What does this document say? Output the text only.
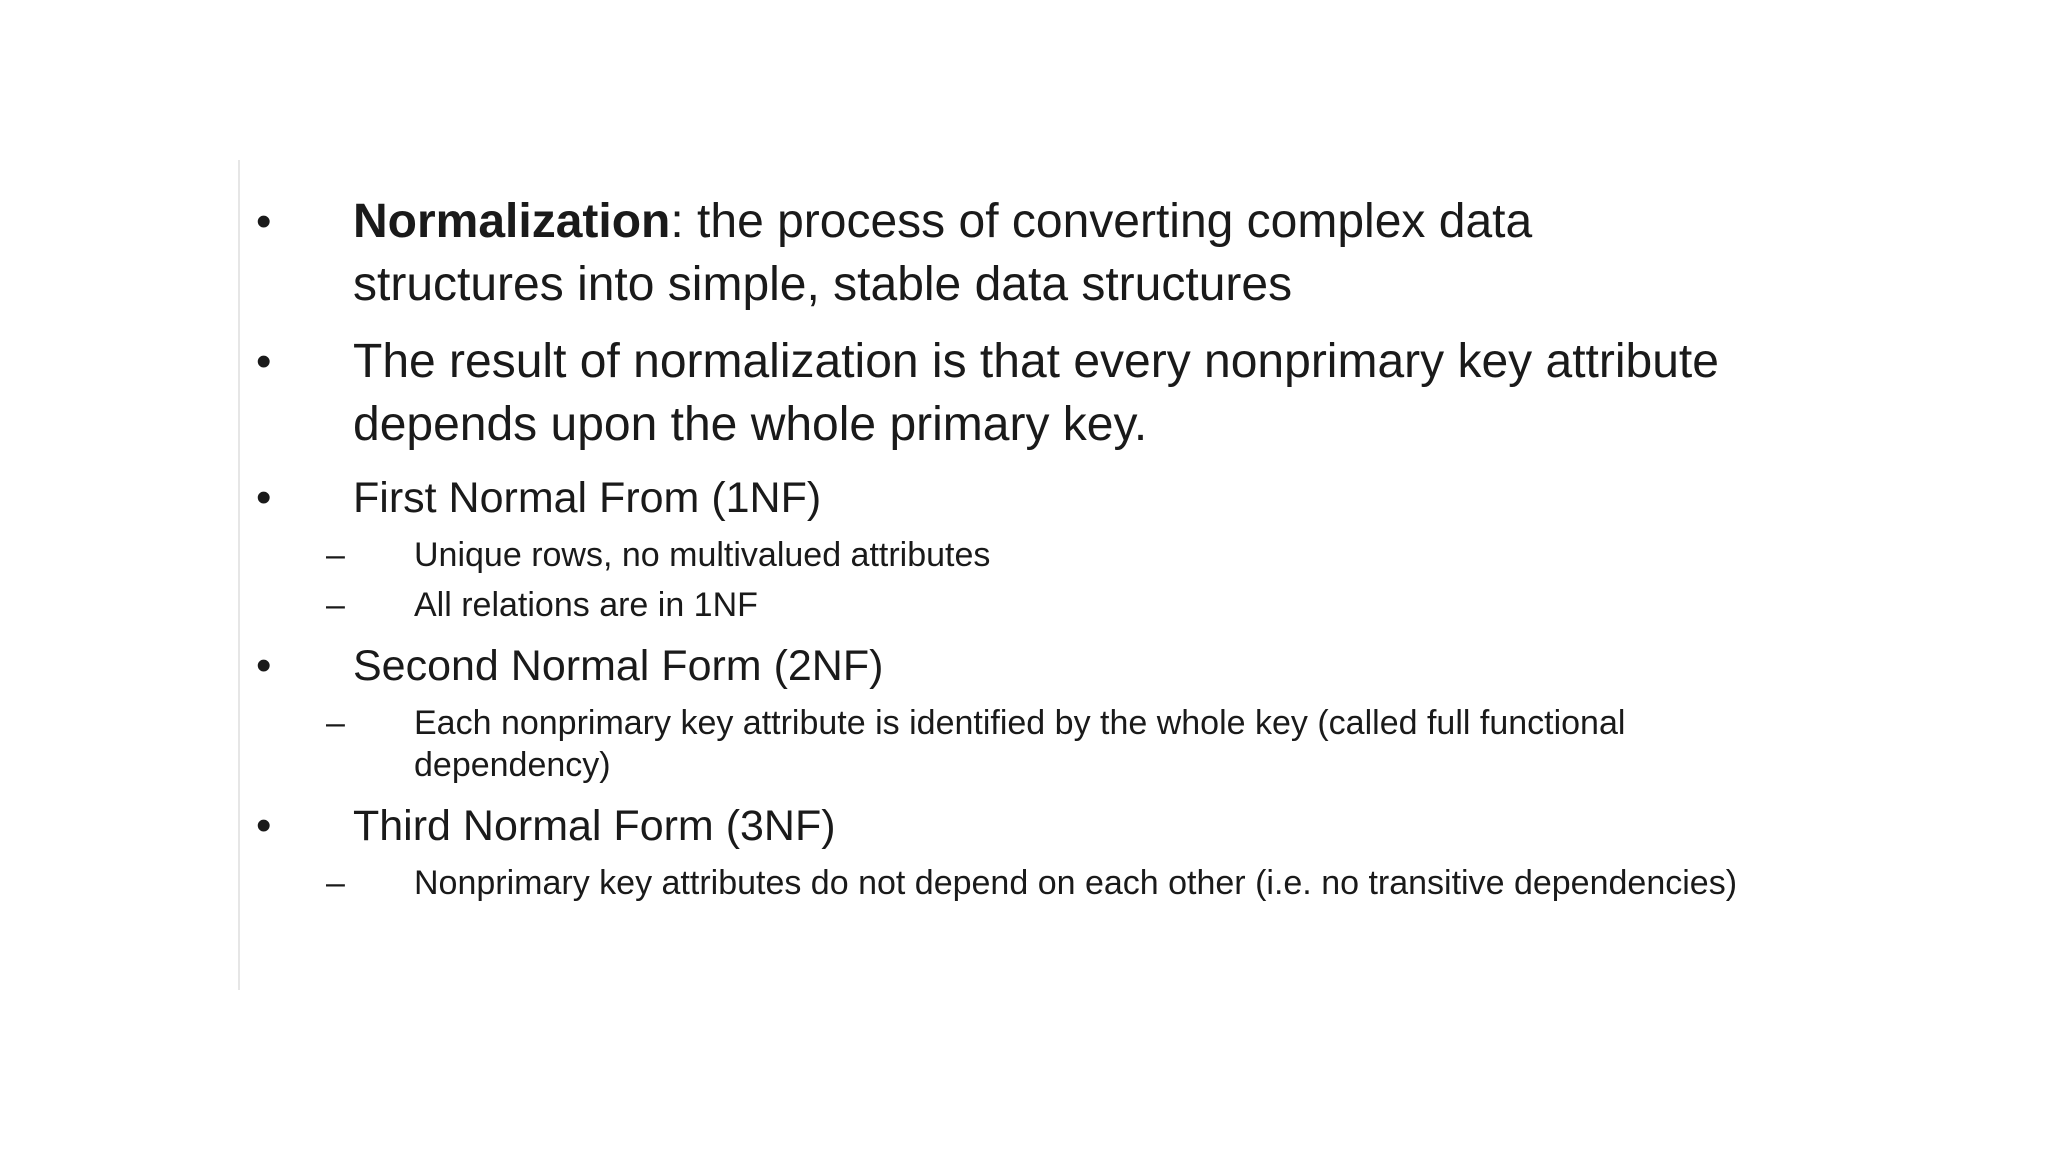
• Normalization: the process of converting complex data structures into simple, stable data structures
• The result of normalization is that every nonprimary key attribute depends upon the whole primary key.
• First Normal From (1NF)
– Unique rows, no multivalued attributes
– All relations are in 1NF
• Second Normal Form (2NF)
– Each nonprimary key attribute is identified by the whole key (called full functional dependency)
• Third Normal Form (3NF)
– Nonprimary key attributes do not depend on each other (i.e. no transitive dependencies)
